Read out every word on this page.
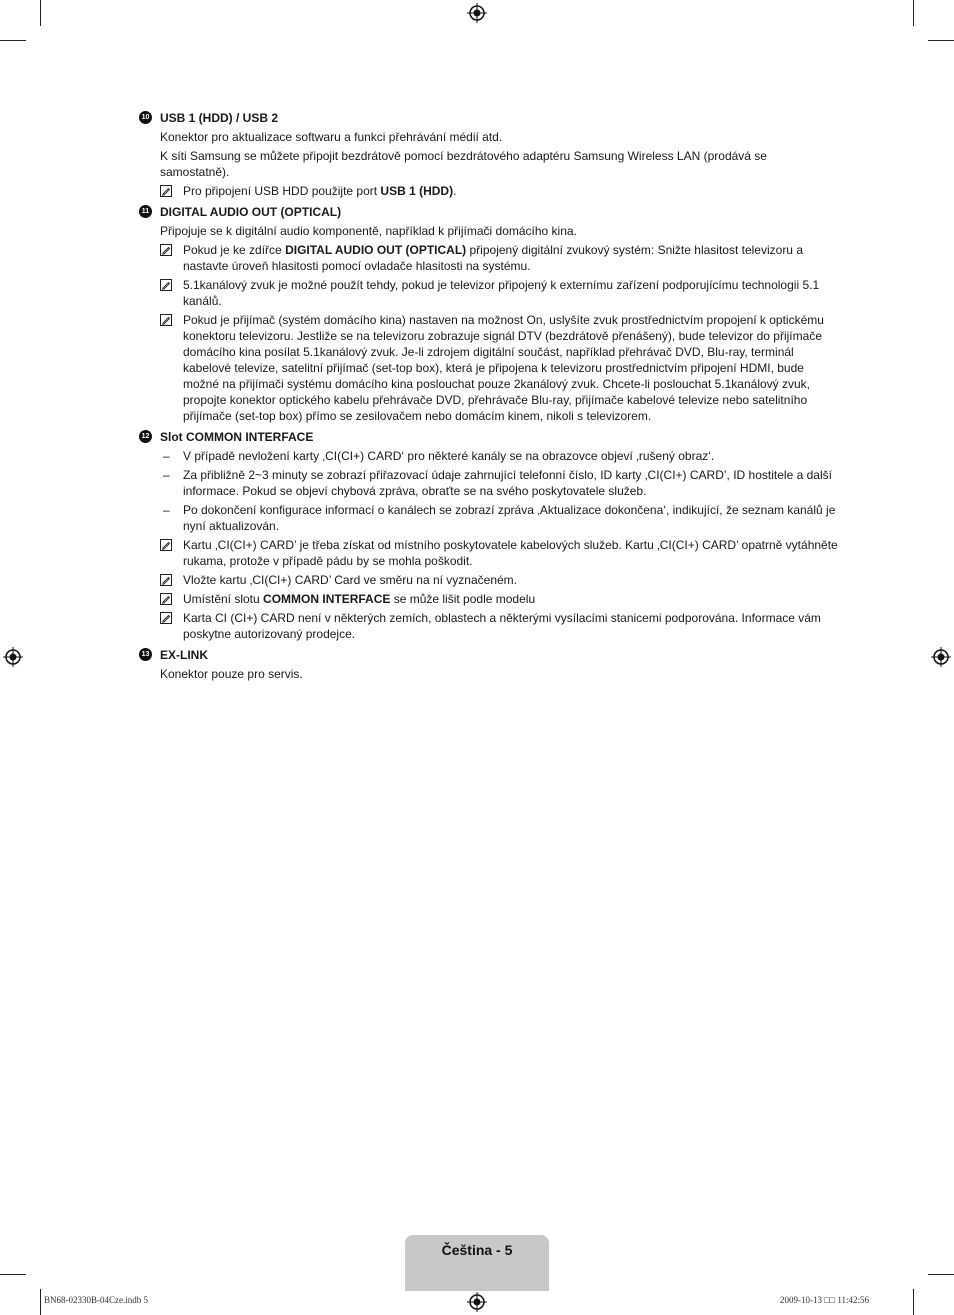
10 USB 1 (HDD) / USB 2
Konektor pro aktualizace softwaru a funkci přehrávání médií atd.
K síti Samsung se můžete připojit bezdrátově pomocí bezdrátového adaptéru Samsung Wireless LAN (prodává se samostatně).
Pro připojení USB HDD použijte port USB 1 (HDD).
11 DIGITAL AUDIO OUT (OPTICAL)
Připojuje se k digitální audio komponentě, například k přijímači domácího kina.
Pokud je ke zdířce DIGITAL AUDIO OUT (OPTICAL) připojený digitální zvukový systém: Snižte hlasitost televizoru a nastavte úroveň hlasitosti pomocí ovladače hlasitosti na systému.
5.1kanálový zvuk je možné použít tehdy, pokud je televizor připojený k externímu zařízení podporujícímu technologii 5.1 kanálů.
Pokud je přijímač (systém domácího kina) nastaven na možnost On, uslyšíte zvuk prostřednictvím propojení k optickému konektoru televizoru. Jestliže se na televizoru zobrazuje signál DTV (bezdrátově přenášený), bude televizor do přijímače domácího kina posílat 5.1kanálový zvuk. Je-li zdrojem digitální součást, například přehrávač DVD, Blu-ray, terminál kabelové televize, satelitní přijímač (set-top box), která je připojena k televizoru prostřednictvím připojení HDMI, bude možné na přijímači systému domácího kina poslouchat pouze 2kanálový zvuk. Chcete-li poslouchat 5.1kanálový zvuk, propojte konektor optického kabelu přehrávače DVD, přehrávače Blu-ray, přijímače kabelové televize nebo satelitního přijímače (set-top box) přímo se zesilovačem nebo domácím kinem, nikoli s televizorem.
12 Slot COMMON INTERFACE
– V případě nevložení karty ‚CI(CI+) CARD‘ pro některé kanály se na obrazovce objeví ‚rušený obraz‘.
– Za přibližně 2~3 minuty se zobrazí přiřazovací údaje zahrnující telefonní číslo, ID karty ‚CI(CI+) CARD’, ID hostitele a další informace. Pokud se objeví chybová zpráva, obraťte se na svého poskytovatele služeb.
– Po dokončení konfigurace informací o kanálech se zobrazí zpráva ‚Aktualizace dokončena‘, indikující, že seznam kanálů je nyní aktualizován.
Kartu ‚CI(CI+) CARD’ je třeba získat od místního poskytovatele kabelových služeb. Kartu ‚CI(CI+) CARD’ opatrně vytáhněte rukama, protože v případě pádu by se mohla poškodit.
Vložte kartu ‚CI(CI+) CARD’ Card ve směru na ní vyznačeném.
Umístění slotu COMMON INTERFACE se může lišit podle modelu
Karta CI (CI+) CARD není v některých zemích, oblastech a některými vysílacími stanicemi podporována. Informace vám poskytne autorizovaný prodejce.
13 EX-LINK
Konektor pouze pro servis.
Čeština - 5
BN68-02330B-04Cze.indb 5	2009-10-13 □□ 11:42:56
